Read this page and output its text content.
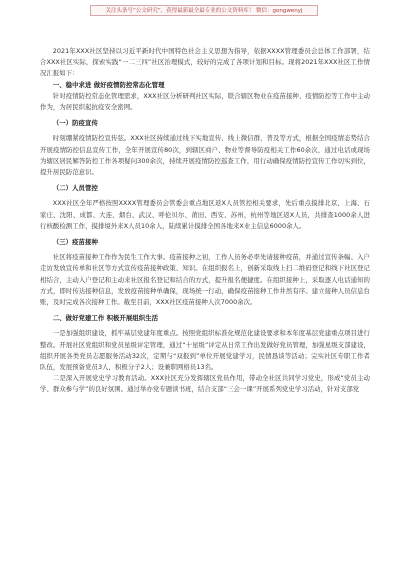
关注头条号“公文研究”，获得最新最全最专业的公文资料库！ 微信：gongwenyj

2021年XXX社区坚持以习近平新时代中国特色社会主义思想为指导，依据XXXX管理委员会总体工作部署，结合XXX社区实际，探索实践“一二三四”社区治理模式，较好的完成了各项计划和目标。现将2021年XXX社区工作情况汇报如下：

一、稳中求进 做好疫情防控常态化管理

针对疫情防控常态化管理需求，XXX社区分析研判社区实际，联合辖区物业在疫苗接种、疫情防控等工作中主动作为，为居民织起抗疫安全密网。

（一）防疫宣传

时刻绷紧疫情防控宣传弦。XXX社区持续通过线下实地宣传、线上微信群，普及等方式，根据全国疫情态势结合开展疫情防控信息宣传工作，全年开展宣传80次，到辖区商户、物业等督导防疫相关工作60余次，通过电话或现场为辖区居民解答防控工作各项疑问300余次，持续开展疫情防控巡查工作，用行动确保疫情防控宣传工作切实到位，提升居民防范意识。

（二）人员管控

XXX社区全年严格按照XXXX管理委员会管委会重点地区返X人员管控相关要求，先后重点摸排北京、上海、石家庄、沈阳、成都、大连、烟台、武汉、呼伦贝尔、莆田、西安、苏州、杭州等地区返X人员，共排查1000余人进行核酸检测工作，摸排境外来X人员10余人，陆续累计摸排全国各地来X业主信息6000余人。

（三）疫苗接种

社区将疫苗接种工作作为民生工作大事。疫苗接种之初，工作人员务必率先请接种疫苗，并通过宣传条幅、入户走访发放宣传单和社区等方式宣传疫苗接种政策、知识。在组织报名上，创新采取线上扫二维码登记和线下社区登记相结合，主动入户登记和主动来社区报名登记和结合的方式，提升报名便捷度。在组织接种上，采取逐人电话通知的方式，即时传达接种信息，发放疫苗接种单确保，现场统一行动，确保疫苗接种工作井然有序。建立接种人员信息台账，及时完成各次接种工作。截至目前，XXX社区疫苗接种人次7000余次。

二、做好党建工作 积极开展组织生活

一是加强组织建设，抓牢基层党建年度重点。按照党组织标准化规范化建设要求和本年度基层党建重点项目进行整改。开展社区党组织和党员星级评定管理，通过“十星级”评定从日常工作出发做好党员管理，加强星级支部建设，组织开展各类党员志愿服务活动32次，定期与“双报到”单位开展党建学习，民情恳谈等活动；完实社区专职工作者队伍，发展预备党员3人，积极分子2人；设兼职网格员13名。

二是深入开展党史学习教育活动。XXX社区充分发挥辖区党员作用，带动全社区共同学习党史，形成“党员主动学、群众参与学”的良好氛围。通过举办党专题读书班，结合支部“三会一课”开展系列党史学习活动，针对支部党
